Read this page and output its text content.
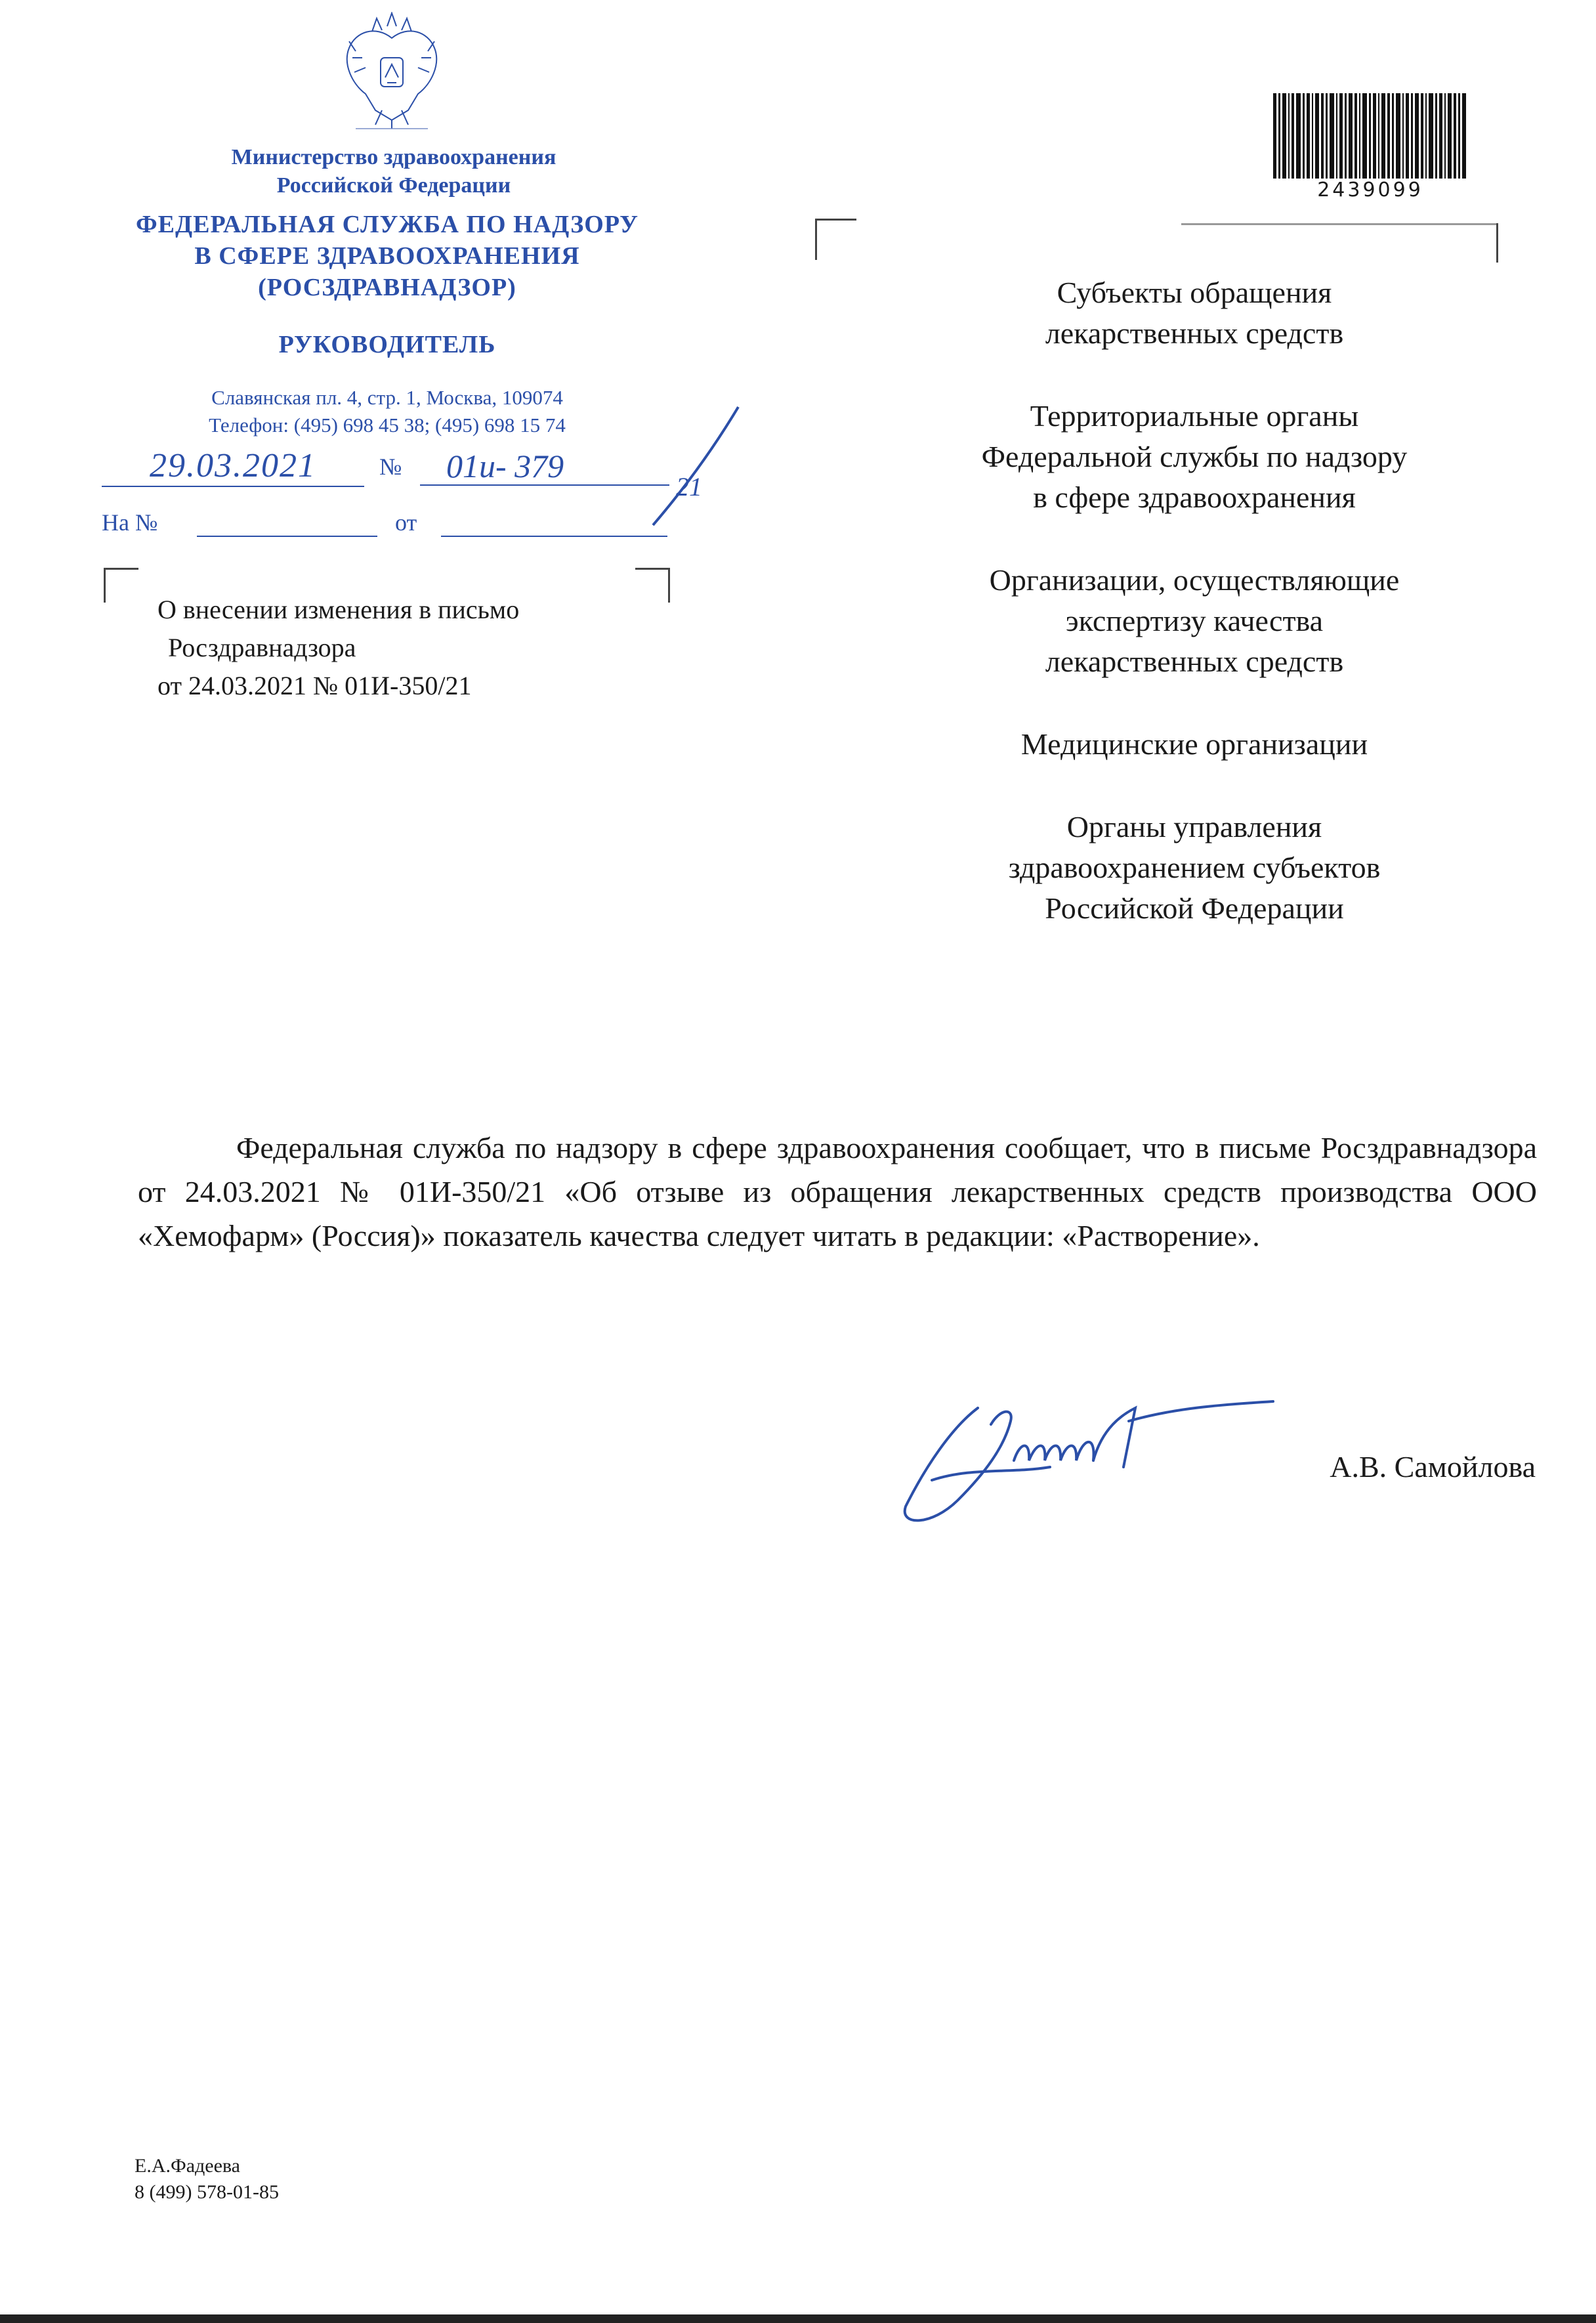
Министерство здравоохранения
Российской Федерации
ФЕДЕРАЛЬНАЯ СЛУЖБА ПО НАДЗОРУ
В СФЕРЕ ЗДРАВООХРАНЕНИЯ
(РОСЗДРАВНАДЗОР)
РУКОВОДИТЕЛЬ
Славянская пл. 4, стр. 1, Москва, 109074
Телефон: (495) 698 45 38; (495) 698 15 74
29.03.2021	№	01и- 379
21
На №	от
О внесении изменения в письмо
Росздравнадзора
от 24.03.2021 № 01И-350/21
2439099
Субъекты обращения
лекарственных средств
Территориальные органы
Федеральной службы по надзору
в сфере здравоохранения
Организации, осуществляющие
экспертизу качества
лекарственных средств
Медицинские организации
Органы управления
здравоохранением субъектов
Российской Федерации
Федеральная служба по надзору в сфере здравоохранения сообщает, что в письме Росздравнадзора от 24.03.2021 № 01И-350/21 «Об отзыве из обращения лекарственных средств производства ООО «Хемофарм» (Россия)» показатель качества следует читать в редакции: «Растворение».
А.В. Самойлова
Е.А.Фадеева
8 (499) 578-01-85
